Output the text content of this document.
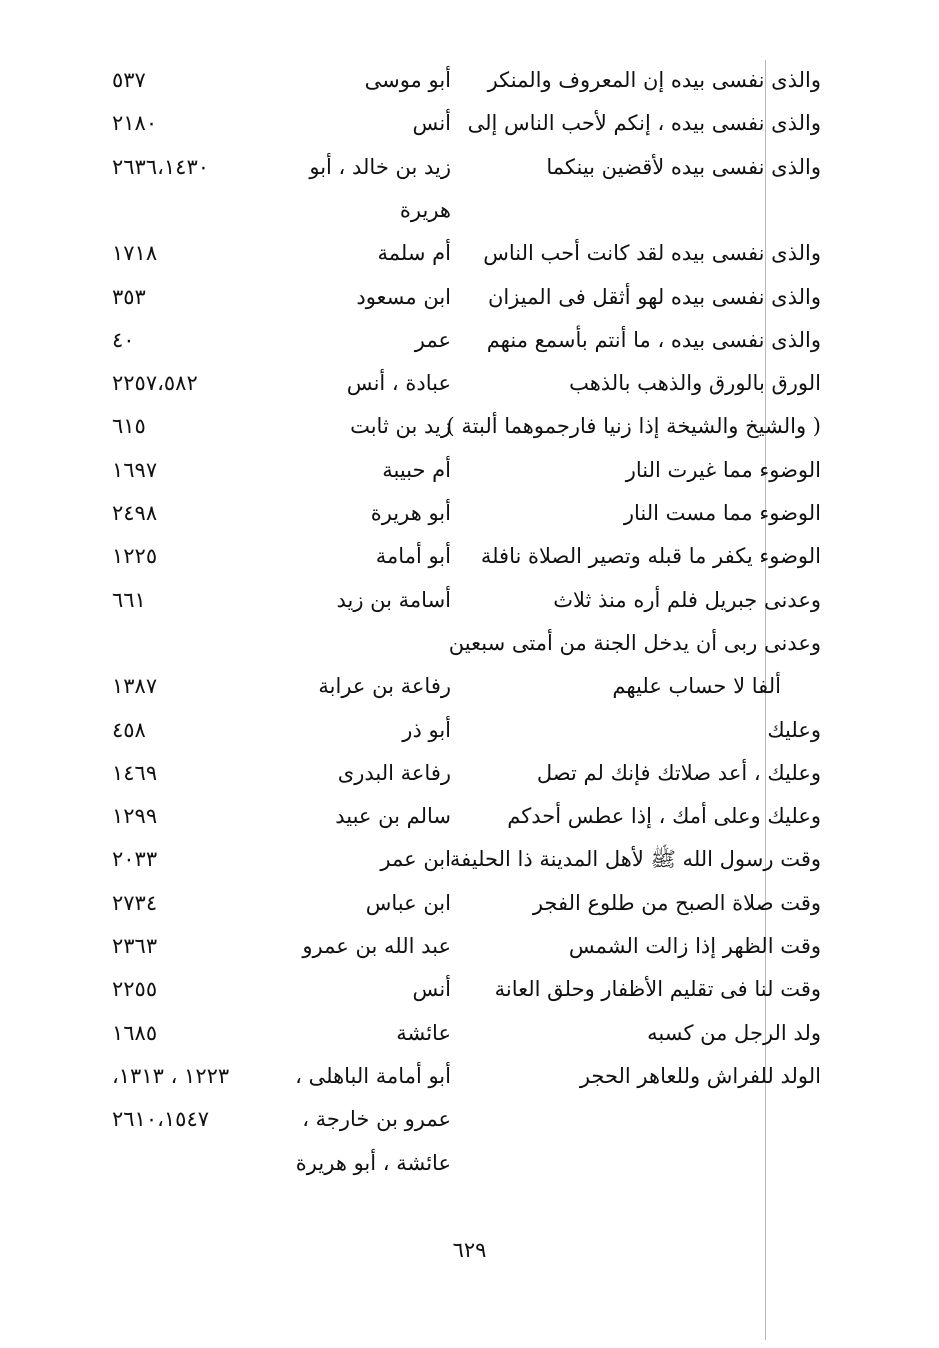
والذى نفسى بيده إن المعروف والمنكر
أبو موسى
٥٣٧
والذى نفسى بيده ، إنكم لأحب الناس إلى
أنس
٢١٨٠
والذى نفسى بيده لأقضين بينكما
زيد بن خالد ، أبو
٢٦٣٦،١٤٣٠
هريرة
والذى نفسى بيده لقد كانت أحب الناس
أم سلمة
١٧١٨
والذى نفسى بيده لهو أثقل فى الميزان
ابن مسعود
٣٥٣
والذى نفسى بيده ، ما أنتم بأسمع منهم
عمر
٤٠
الورق بالورق والذهب بالذهب
عبادة ، أنس
٢٢٥٧،٥٨٢
( والشيخ والشيخة إذا زنيا فارجموهما ألبتة )
زيد بن ثابت
٦١٥
الوضوء مما غيرت النار
أم حبيبة
١٦٩٧
الوضوء مما مست النار
أبو هريرة
٢٤٩٨
الوضوء يكفر ما قبله وتصير الصلاة نافلة
أبو أمامة
١٢٢٥
وعدنى جبريل فلم أره منذ ثلاث
أسامة بن زيد
٦٦١
وعدنى ربى أن يدخل الجنة من أمتى سبعين
ألفا لا حساب عليهم
رفاعة بن عرابة
١٣٨٧
وعليك
أبو ذر
٤٥٨
وعليك ، أعد صلاتك فإنك لم تصل
رفاعة البدرى
١٤٦٩
وعليك وعلى أمك ، إذا عطس أحدكم
سالم بن عبيد
١٢٩٩
وقت رسول الله ﷺ لأهل المدينة ذا الحليفة
ابن عمر
٢٠٣٣
وقت صلاة الصبح من طلوع الفجر
ابن عباس
٢٧٣٤
وقت الظهر إذا زالت الشمس
عبد الله بن عمرو
٢٣٦٣
وقت لنا فى تقليم الأظفار وحلق العانة
أنس
٢٢٥٥
ولد الرجل من كسبه
عائشة
١٦٨٥
الولد للفراش وللعاهر الحجر
أبو أمامة الباهلى ،
١٢٢٣ ، ١٣١٣،
عمرو بن خارجة ،
٢٦١٠،١٥٤٧
عائشة ، أبو هريرة
٦٢٩
